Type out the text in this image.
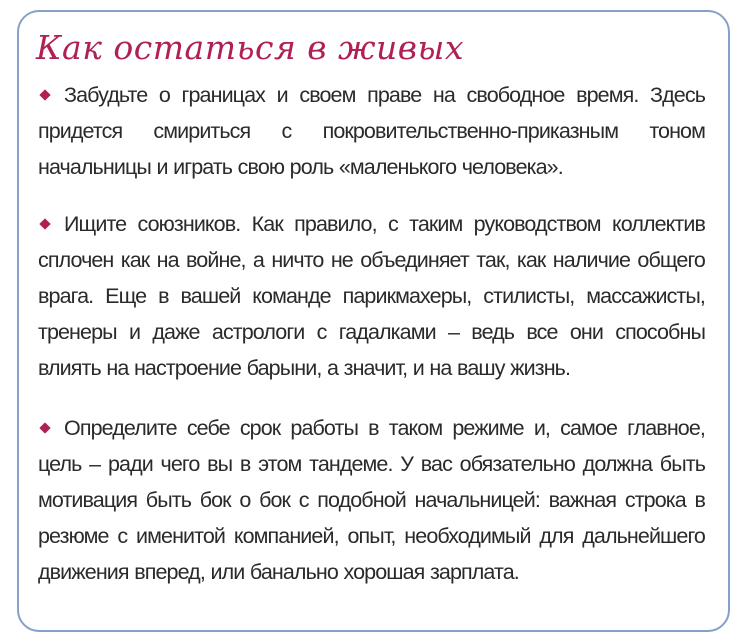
Как остаться в живых
Забудьте о границах и своем праве на свободное время. Здесь придется смириться с покровительственно-приказным тоном начальницы и играть свою роль «маленького человека».
Ищите союзников. Как правило, с таким руководством коллектив сплочен как на войне, а ничто не объединяет так, как наличие общего врага. Еще в вашей команде парикмахеры, стилисты, массажисты, тренеры и даже астрологи с гадалками – ведь все они способны влиять на настроение барыни, а значит, и на вашу жизнь.
Определите себе срок работы в таком режиме и, самое главное, цель – ради чего вы в этом тандеме. У вас обязательно должна быть мотивация быть бок о бок с подобной начальницей: важная строка в резюме с именитой компанией, опыт, необходимый для дальнейшего движения вперед, или банально хорошая зарплата.
